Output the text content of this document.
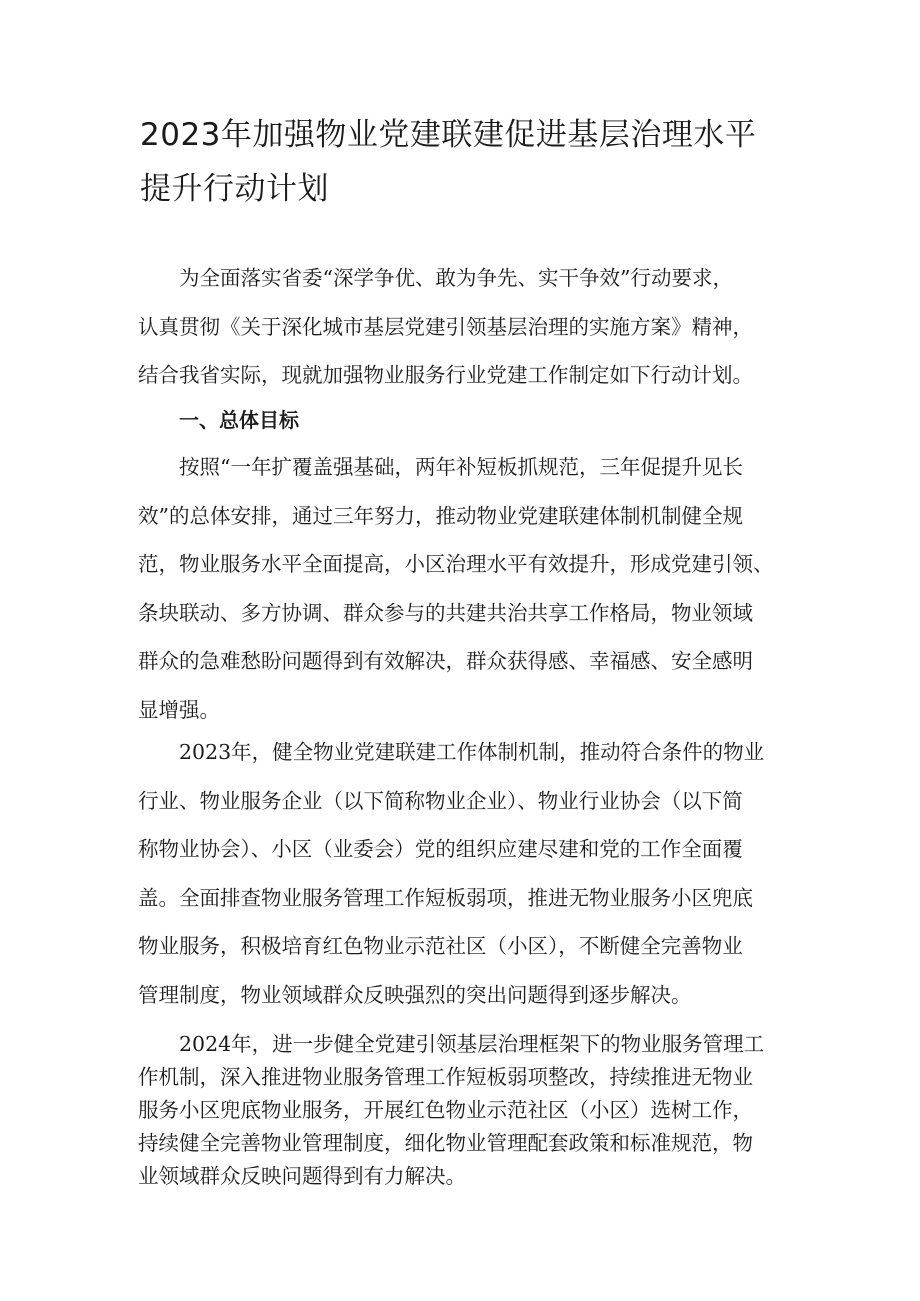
2023年加强物业党建联建促进基层治理水平
提升行动计划

为全面落实省委“深学争优、敢为争先、实干争效”行动要求，
认真贯彻《关于深化城市基层党建引领基层治理的实施方案》精神，
结合我省实际，现就加强物业服务行业党建工作制定如下行动计划。

一、总体目标

按照“一年扩覆盖强基础，两年补短板抓规范，三年促提升见长
效”的总体安排，通过三年努力，推动物业党建联建体制机制健全规
范，物业服务水平全面提高，小区治理水平有效提升，形成党建引领、
条块联动、多方协调、群众参与的共建共治共享工作格局，物业领域
群众的急难愁盼问题得到有效解决，群众获得感、幸福感、安全感明
显增强。

2023年，健全物业党建联建工作体制机制，推动符合条件的物业
行业、物业服务企业（以下简称物业企业）、物业行业协会（以下简
称物业协会）、小区（业委会）党的组织应建尽建和党的工作全面覆
盖。全面排查物业服务管理工作短板弱项，推进无物业服务小区兜底
物业服务，积极培育红色物业示范社区（小区），不断健全完善物业
管理制度，物业领域群众反映强烈的突出问题得到逐步解决。

2024年，进一步健全党建引领基层治理框架下的物业服务管理工
作机制，深入推进物业服务管理工作短板弱项整改，持续推进无物业
服务小区兜底物业服务，开展红色物业示范社区（小区）选树工作，
持续健全完善物业管理制度，细化物业管理配套政策和标准规范，物
业领域群众反映问题得到有力解决。
